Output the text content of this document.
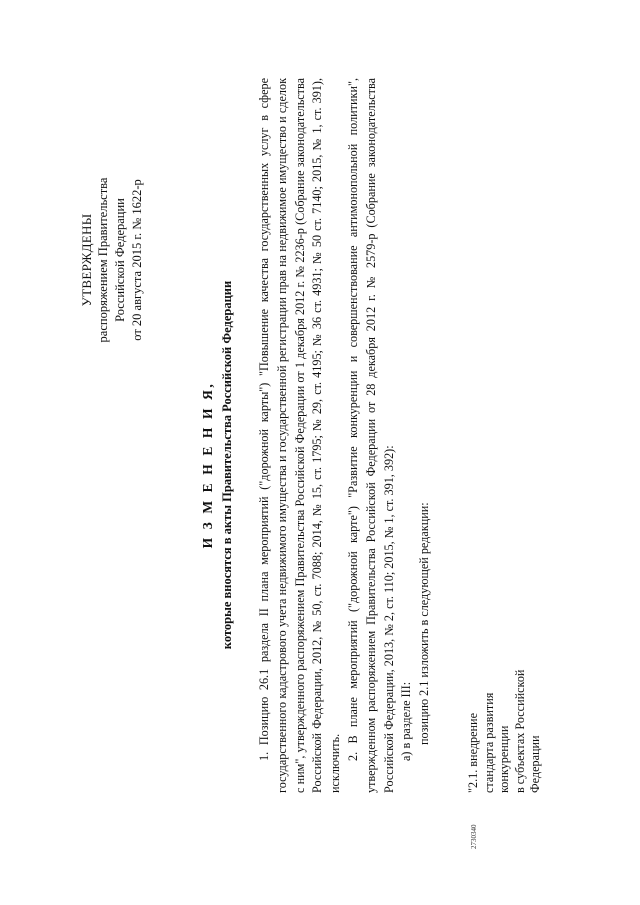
УТВЕРЖДЕНЫ распоряжением Правительства Российской Федерации от 20 августа 2015 г. № 1622-р
И З М Е Н Е Н И Я, которые вносятся в акты Правительства Российской Федерации 1. Позицию 26.1 раздела II плана мероприятий ("дорожной карты") "Повышение качества государственных услуг в сфере государственного кадастрового учета недвижимого имущества и государственной регистрации прав на недвижимое имущество и сделок с ним", утвержденного распоряжением Правительства Российской Федерации от 1 декабря 2012 г. № 2236-р (Собрание законодательства Российской Федерации, 2012, № 50, ст. 7088; 2014, № 15, ст. 1795; № 29, ст. 4195; № 36 ст. 4931; № 50 ст. 7140; 2015, № 1, ст. 391), исключить.

2. В плане мероприятий ("дорожной карте") "Развитие конкуренции и совершенствование антимонопольной политики", утвержденном распоряжением Правительства Российской Федерации от 28 декабря 2012 г. № 2579-р (Собрание законодательства Российской Федерации, 2013, № 2, ст. 110; 2015, № 1, ст. 391, 392): а) в разделе III: позицию 2.1 изложить в следующей редакции:

"2.1. внедрение стандарта развития конкуренции в субъектах Российской Федерации
2730340
